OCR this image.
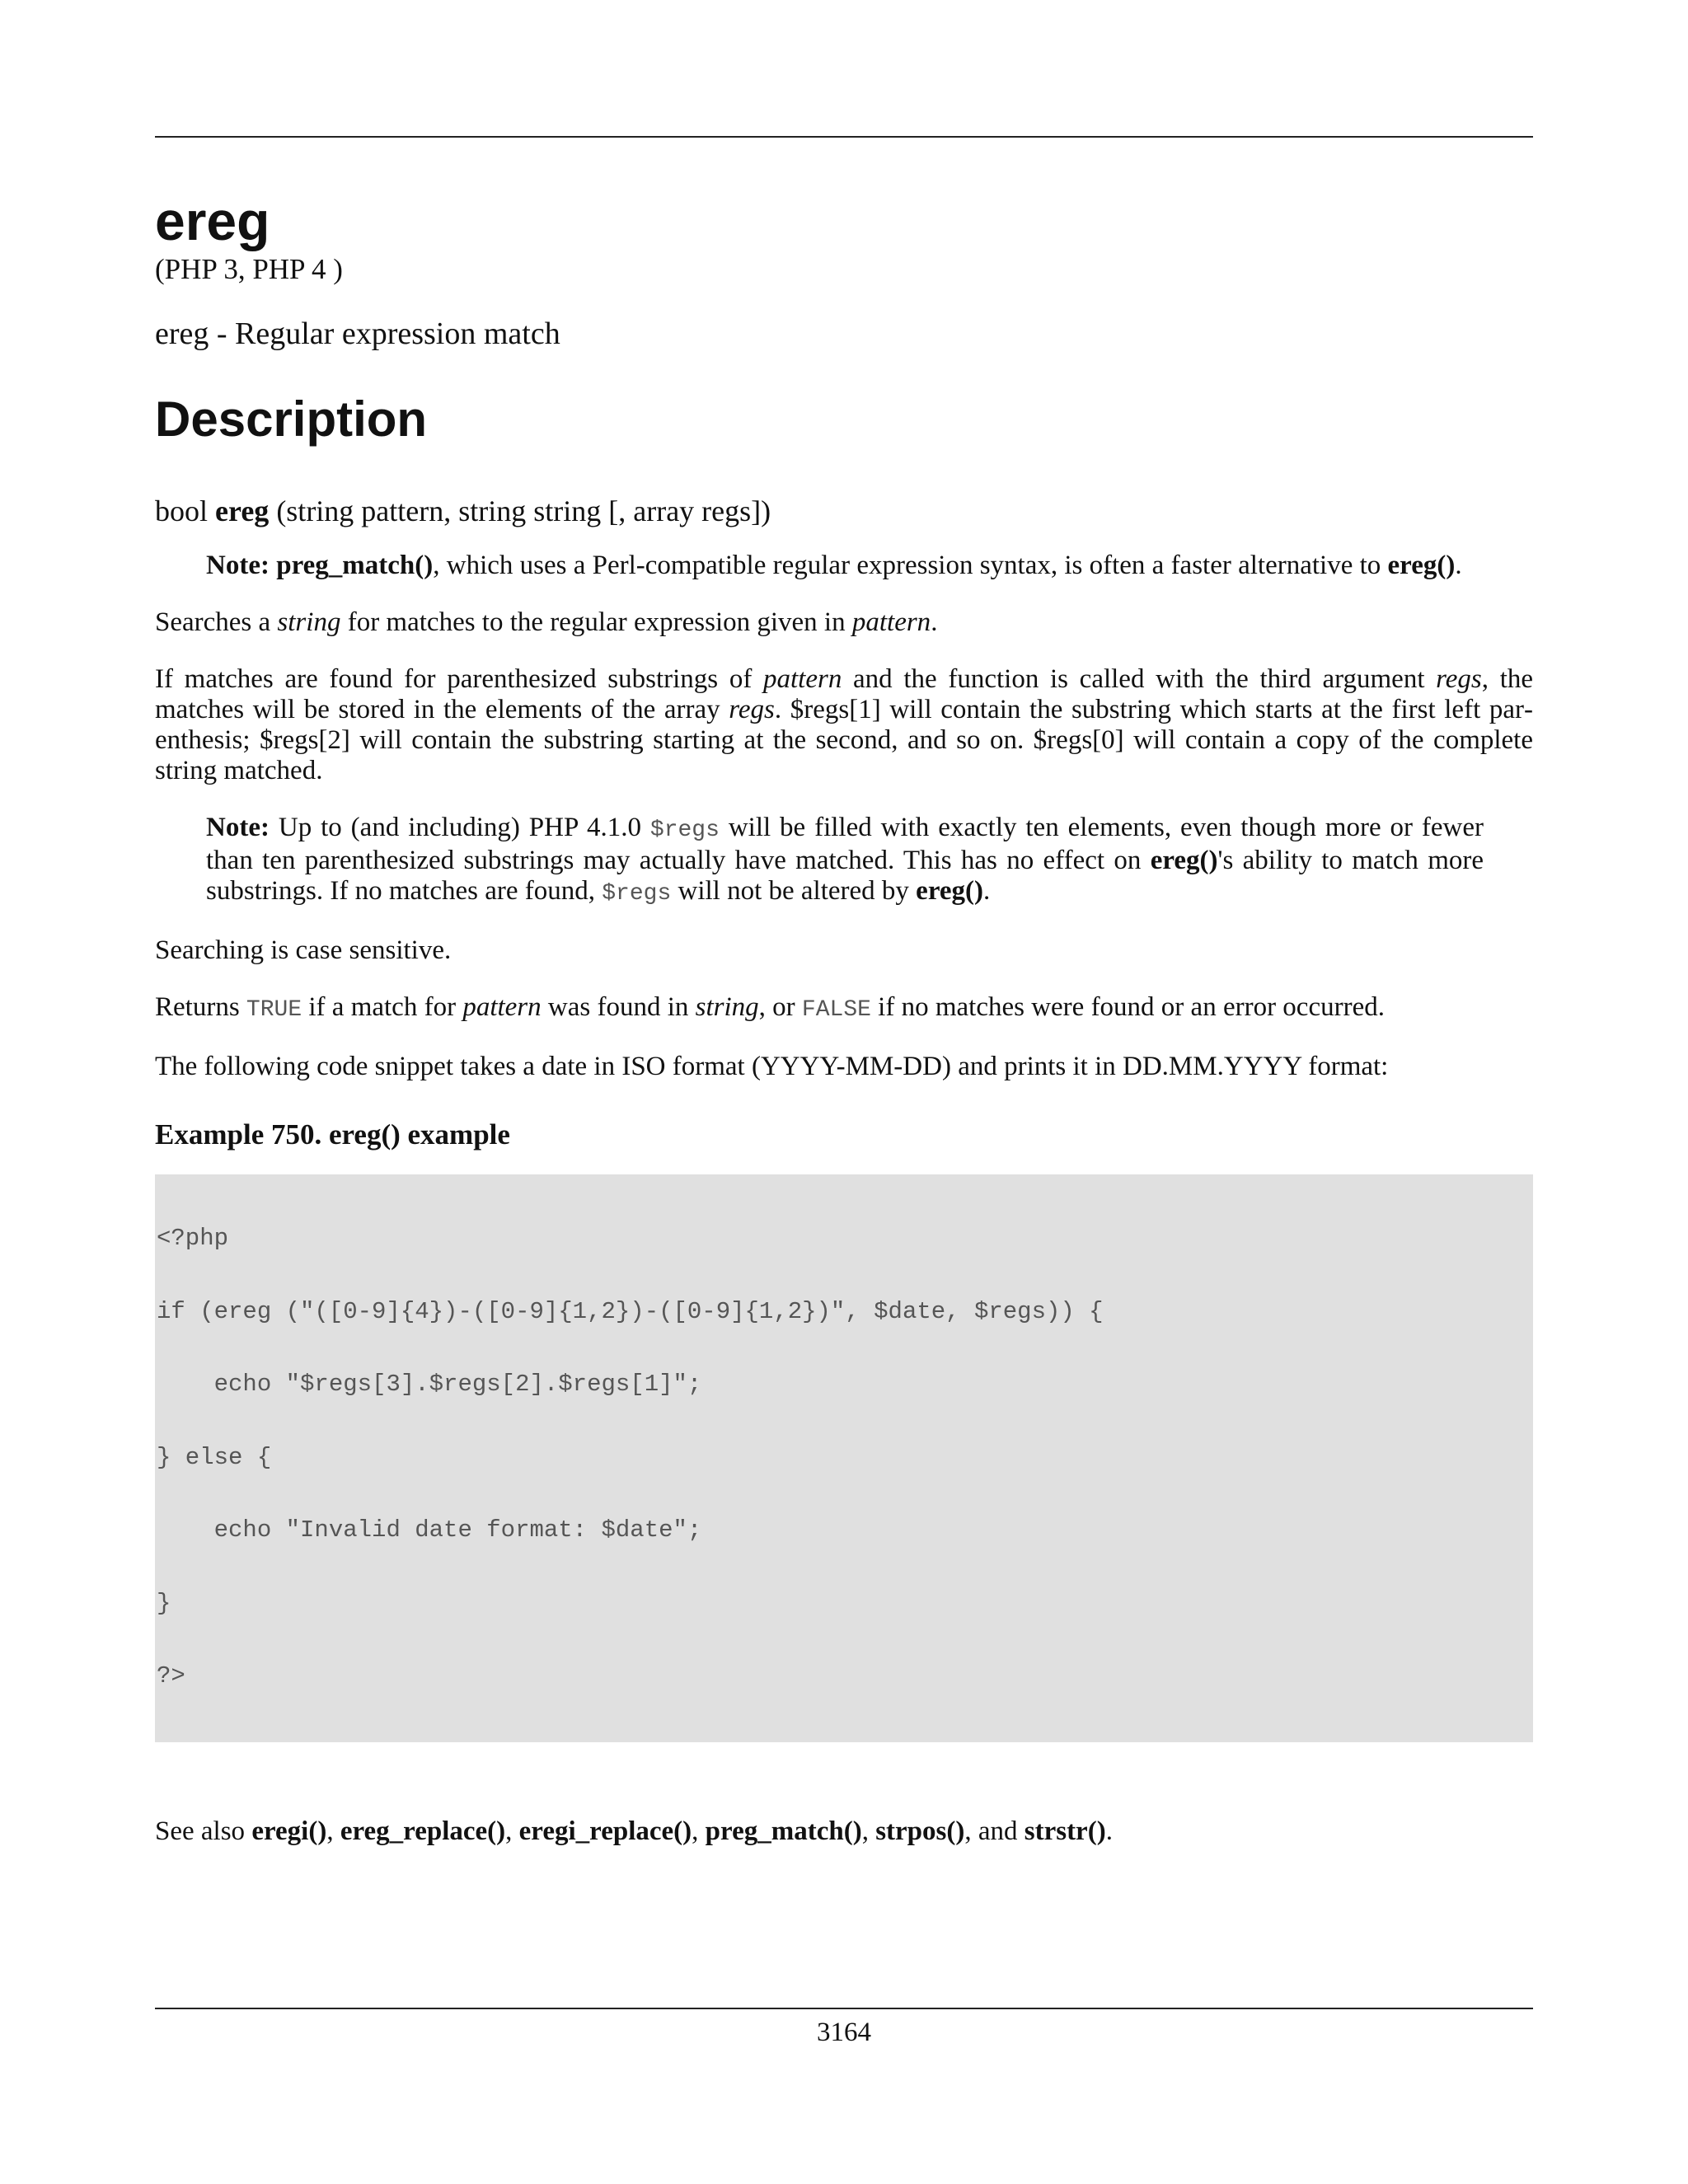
ereg

(PHP 3, PHP 4 )

ereg - Regular expression match

Description

bool ereg (string pattern, string string [, array regs])

Note: preg_match(), which uses a Perl-compatible regular expression syntax, is often a faster alternative to ereg().

Searches a string for matches to the regular expression given in pattern.

If matches are found for parenthesized substrings of pattern and the function is called with the third argument regs, the matches will be stored in the elements of the array regs. $regs[1] will contain the substring which starts at the first left parenthesis; $regs[2] will contain the substring starting at the second, and so on. $regs[0] will contain a copy of the complete string matched.

Note: Up to (and including) PHP 4.1.0 $regs will be filled with exactly ten elements, even though more or fewer than ten parenthesized substrings may actually have matched. This has no effect on ereg()'s ability to match more substrings. If no matches are found, $regs will not be altered by ereg().

Searching is case sensitive.

Returns TRUE if a match for pattern was found in string, or FALSE if no matches were found or an error occurred.

The following code snippet takes a date in ISO format (YYYY-MM-DD) and prints it in DD.MM.YYYY format:

Example 750. ereg() example

<?php

if (ereg ("([0-9]{4})-([0-9]{1,2})-([0-9]{1,2})", $date, $regs)) {

echo "$regs[3].$regs[2].$regs[1]";

} else {

echo "Invalid date format: $date";

}

?>

See also eregi(), ereg_replace(), eregi_replace(), preg_match(), strpos(), and strstr().

3164
